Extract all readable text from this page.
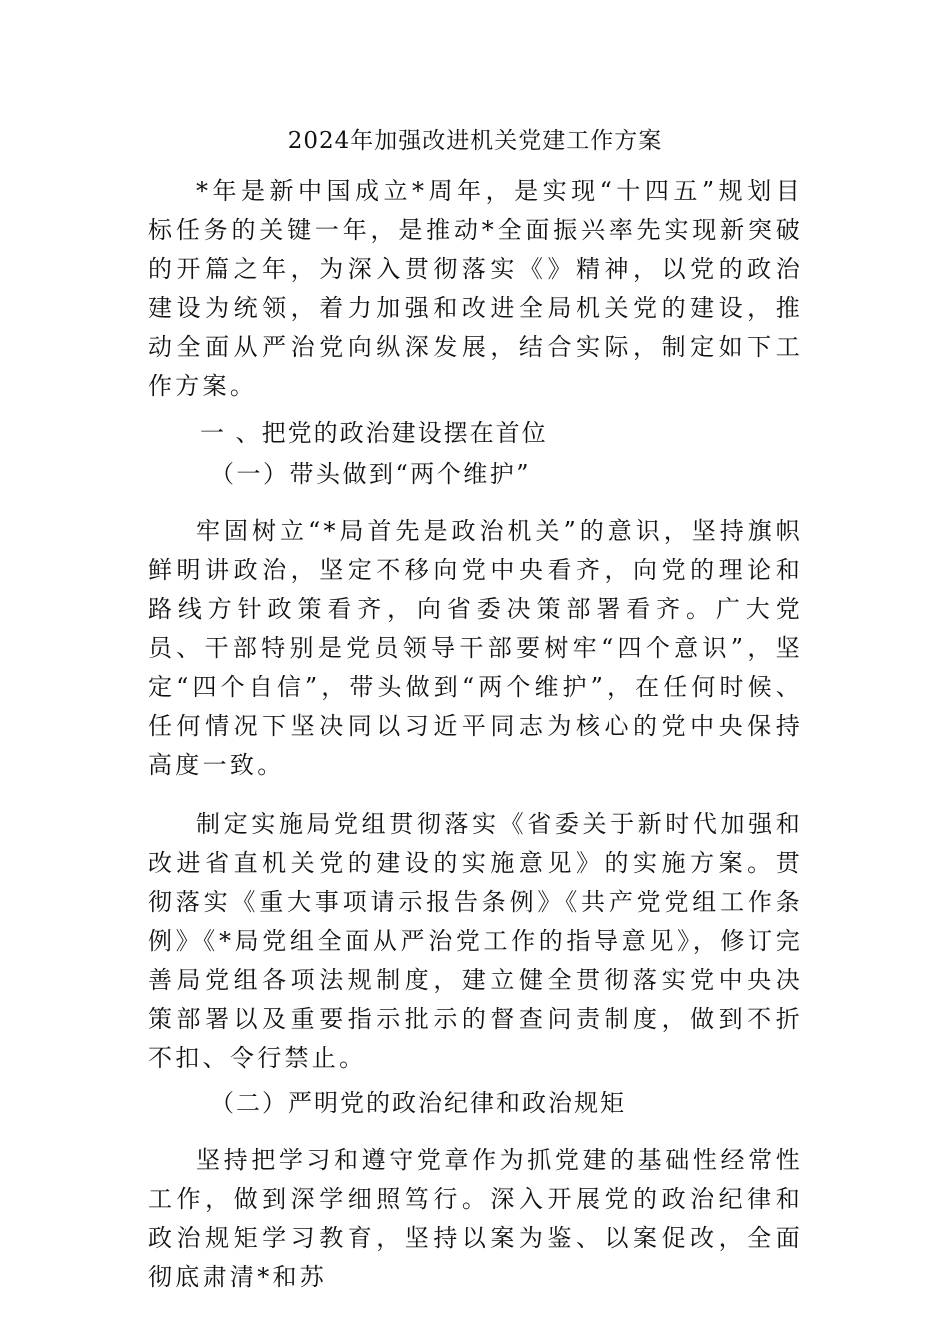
2024年加强改进机关党建工作方案

*年是新中国成立*周年，是实现“十四五”规划目标任务的关键一年，是推动*全面振兴率先实现新突破的开篇之年，为深入贯彻落实《》精神，以党的政治建设为统领，着力加强和改进全局机关党的建设，推动全面从严治党向纵深发展，结合实际，制定如下工作方案。

一 、把党的政治建设摆在首位

（一）带头做到“两个维护”

牢固树立“*局首先是政治机关”的意识，坚持旗帜鲜明讲政治，坚定不移向党中央看齐，向党的理论和路线方针政策看齐，向省委决策部署看齐。广大党员、干部特别是党员领导干部要树牢“四个意识”，坚定“四个自信”，带头做到“两个维护”，在任何时候、任何情况下坚决同以习近平同志为核心的党中央保持高度一致。

制定实施局党组贯彻落实《省委关于新时代加强和改进省直机关党的建设的实施意见》的实施方案。贯彻落实《重大事项请示报告条例》《共产党党组工作条例》《*局党组全面从严治党工作的指导意见》，修订完善局党组各项法规制度，建立健全贯彻落实党中央决策部署以及重要指示批示的督查问责制度，做到不折不扣、令行禁止。

（二）严明党的政治纪律和政治规矩

坚持把学习和遵守党章作为抓党建的基础性经常性工作，做到深学细照笃行。深入开展党的政治纪律和政治规矩学习教育，坚持以案为鉴、以案促改，全面彻底肃清*和苏
